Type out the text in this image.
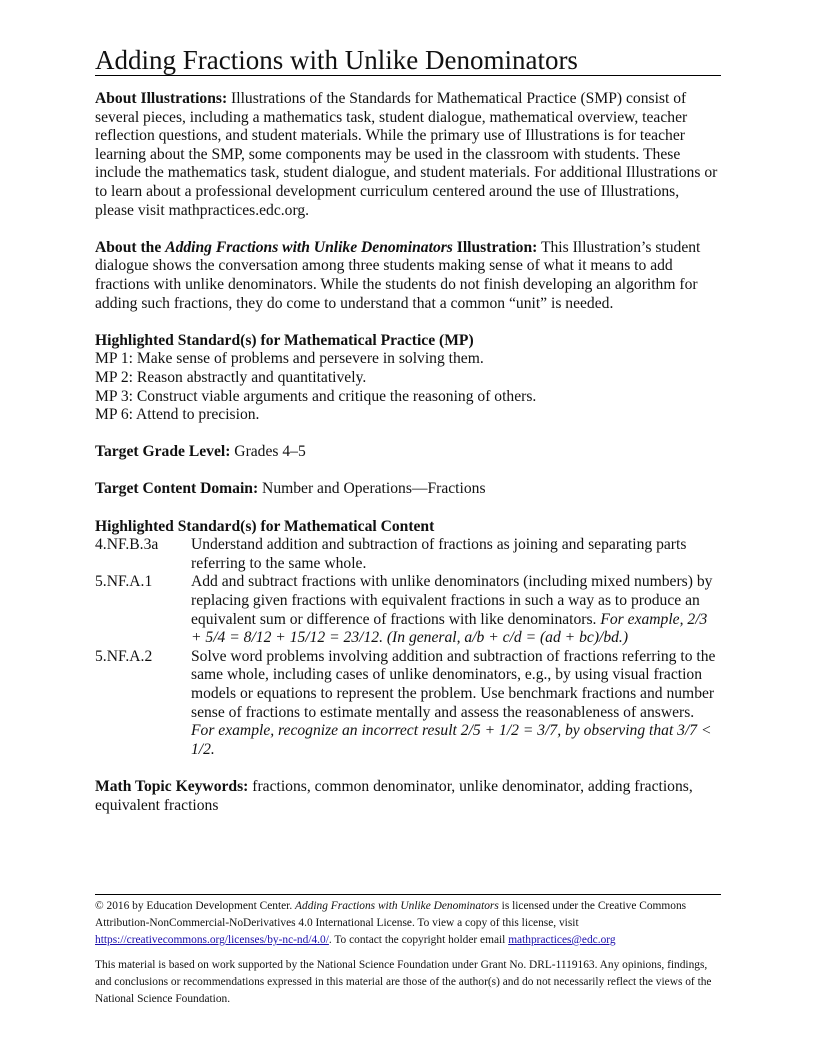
Adding Fractions with Unlike Denominators

About Illustrations: Illustrations of the Standards for Mathematical Practice (SMP) consist of several pieces, including a mathematics task, student dialogue, mathematical overview, teacher reflection questions, and student materials. While the primary use of Illustrations is for teacher learning about the SMP, some components may be used in the classroom with students. These include the mathematics task, student dialogue, and student materials. For additional Illustrations or to learn about a professional development curriculum centered around the use of Illustrations, please visit mathpractices.edc.org.

About the Adding Fractions with Unlike Denominators Illustration: This Illustration’s student dialogue shows the conversation among three students making sense of what it means to add fractions with unlike denominators. While the students do not finish developing an algorithm for adding such fractions, they do come to understand that a common “unit” is needed.

Highlighted Standard(s) for Mathematical Practice (MP)
MP 1: Make sense of problems and persevere in solving them.
MP 2: Reason abstractly and quantitatively.
MP 3: Construct viable arguments and critique the reasoning of others.
MP 6: Attend to precision.

Target Grade Level: Grades 4–5

Target Content Domain: Number and Operations—Fractions

Highlighted Standard(s) for Mathematical Content
4.NF.B.3a	Understand addition and subtraction of fractions as joining and separating parts referring to the same whole.
5.NF.A.1	Add and subtract fractions with unlike denominators (including mixed numbers) by replacing given fractions with equivalent fractions in such a way as to produce an equivalent sum or difference of fractions with like denominators. For example, 2/3 + 5/4 = 8/12 + 15/12 = 23/12. (In general, a/b + c/d = (ad + bc)/bd.)
5.NF.A.2	Solve word problems involving addition and subtraction of fractions referring to the same whole, including cases of unlike denominators, e.g., by using visual fraction models or equations to represent the problem. Use benchmark fractions and number sense of fractions to estimate mentally and assess the reasonableness of answers. For example, recognize an incorrect result 2/5 + 1/2 = 3/7, by observing that 3/7 < 1/2.

Math Topic Keywords: fractions, common denominator, unlike denominator, adding fractions, equivalent fractions

© 2016 by Education Development Center. Adding Fractions with Unlike Denominators is licensed under the Creative Commons Attribution-NonCommercial-NoDerivatives 4.0 International License. To view a copy of this license, visit https://creativecommons.org/licenses/by-nc-nd/4.0/. To contact the copyright holder email mathpractices@edc.org

This material is based on work supported by the National Science Foundation under Grant No. DRL-1119163. Any opinions, findings, and conclusions or recommendations expressed in this material are those of the author(s) and do not necessarily reflect the views of the National Science Foundation.
